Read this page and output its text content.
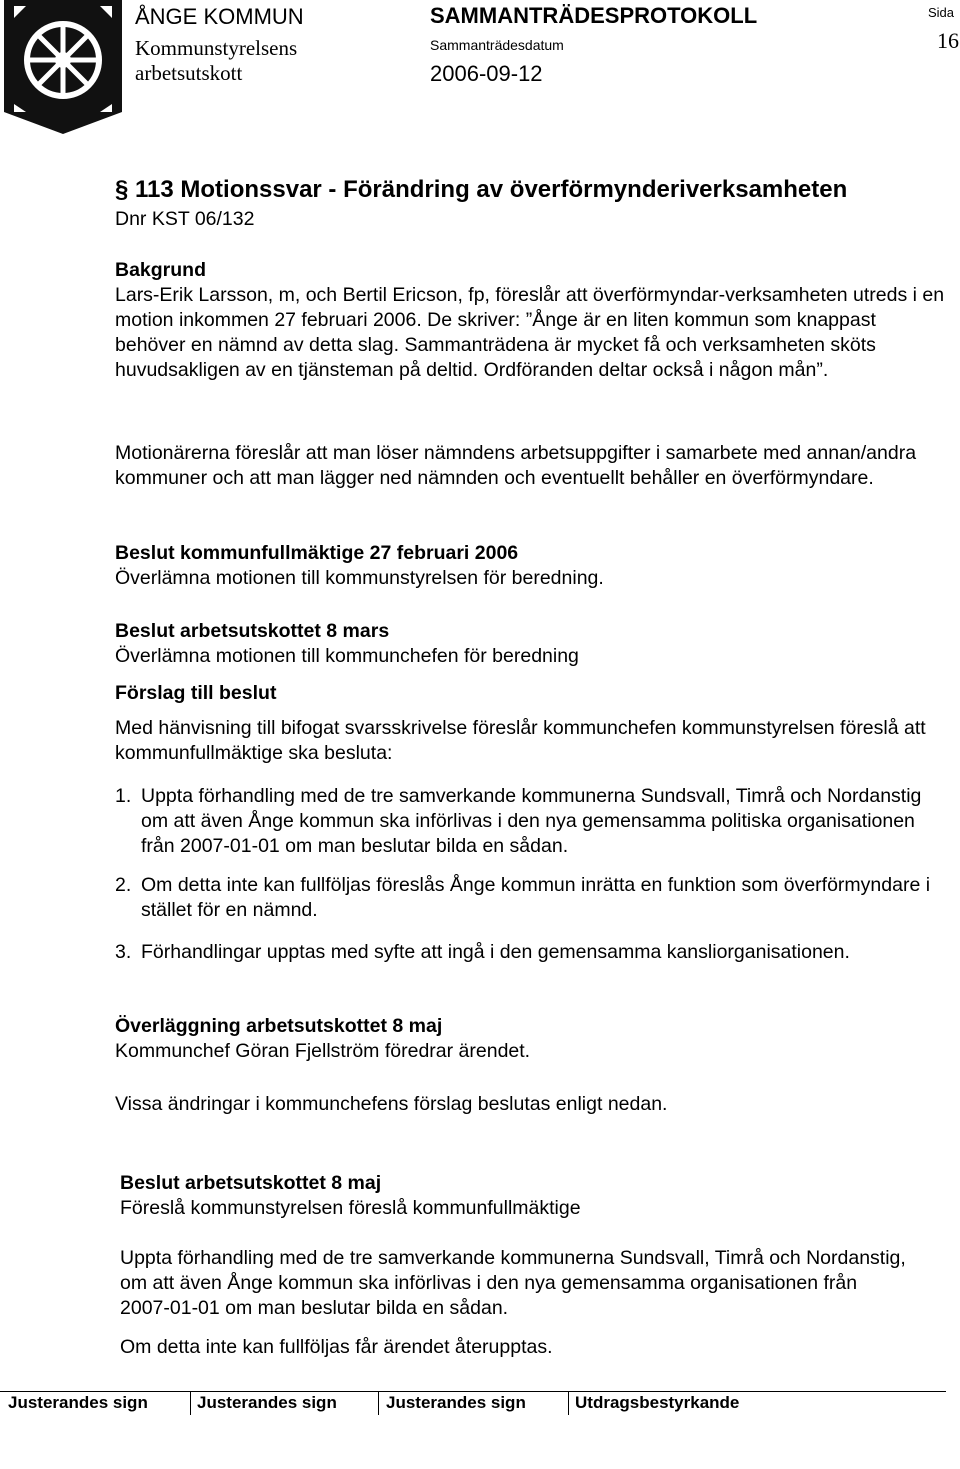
ÅNGE KOMMUN
Kommunstyrelsens
arbetsutskott
SAMMANTRÄDESPROTOKOLL
Sammanträdesdatum
2006-09-12
Sida
16
§ 113 Motionssvar - Förändring av överförmynderiverksamheten
Dnr KST 06/132

Bakgrund

Lars-Erik Larsson, m, och Bertil Ericson, fp, föreslår att överförmyndar-verksamheten utreds i en motion inkommen 27 februari 2006. De skriver: ”Ånge är en liten kommun som knappast behöver en nämnd av detta slag. Sammanträdena är mycket få och verksamheten sköts huvudsakligen av en tjänsteman på deltid. Ordföranden deltar också i någon mån”.

Motionärerna föreslår att man löser nämndens arbetsuppgifter i samarbete med annan/andra kommuner och att man lägger ned nämnden och eventuellt behåller en överförmyndare.

Beslut kommunfullmäktige 27 februari 2006

Överlämna motionen till kommunstyrelsen för beredning.

Beslut arbetsutskottet 8 mars

Överlämna motionen till kommunchefen för beredning

Förslag till beslut

Med hänvisning till bifogat svarsskrivelse föreslår kommunchefen kommunstyrelsen föreslå att kommunfullmäktige ska besluta:

1. Uppta förhandling med de tre samverkande kommunerna Sundsvall, Timrå och Nordanstig om att även Ånge kommun ska införlivas i den nya gemensamma politiska organisationen från 2007-01-01 om man beslutar bilda en sådan.
2. Om detta inte kan fullföljas föreslås Ånge kommun inrätta en funktion som överförmyndare i stället för en nämnd.
3. Förhandlingar upptas med syfte att ingå i den gemensamma kansliorganisationen.

Överläggning arbetsutskottet 8 maj

Kommunchef Göran Fjellström föredrar ärendet.

Vissa ändringar i kommunchefens förslag beslutas enligt nedan.

Beslut arbetsutskottet 8 maj

Föreslå kommunstyrelsen föreslå kommunfullmäktige

Uppta förhandling med de tre samverkande kommunerna Sundsvall, Timrå och Nordanstig, om att även Ånge kommun ska införlivas i den nya gemensamma organisationen från 2007-01-01 om man beslutar bilda en sådan.

Om detta inte kan fullföljas får ärendet återupptas.

Justerandes sign	Justerandes sign	Justerandes sign	Utdragsbestyrkande
